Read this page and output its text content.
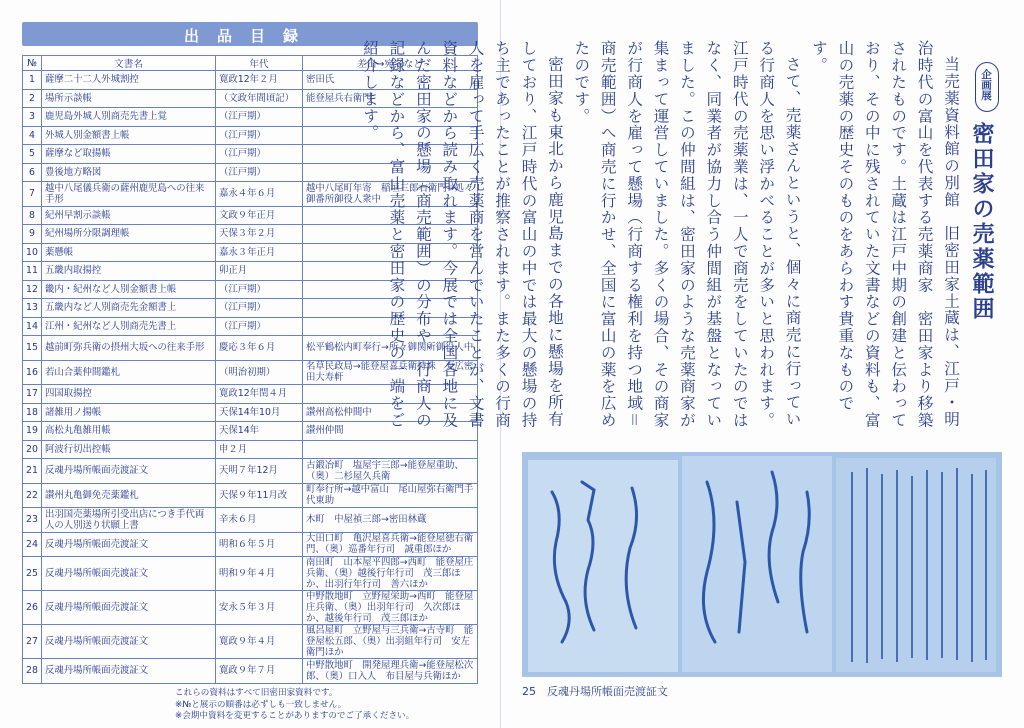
出品目録
№	文書名	年代	差出→宛名など
1	薩摩二十二人外城割控	寛政12年２月	密田氏
2	場所示談帳	（文政年間頃記）	能登屋兵右衛門
3	鹿児島外城人別商売先書上覚	（江戸期）	
4	外城人別金額書上帳	（江戸期）	
5	薩摩など取揚帳	（江戸期）	
6	豊後地方略図	（江戸期）	
7	越中八尾儀兵衛の薩州鹿児島への往来手形	嘉永４年６月	越中八尾町年寄　稲垣三郎右衛門→処々御番所御役人衆中
8	紀州早割示談帳	文政９年正月	
9	紀州場所分限調理帳	天保３年２月	
10	薬懸帳	嘉永３年正月	
11	五畿内取揚控	卯正月	
12	畿内・紀州など人別金額書上帳	（江戸期）	
13	五畿内など人別商売先金額書上	（江戸期）	
14	江州・紀州など人別商売先書上	（江戸期）	
15	越前町弥兵衛の摂州大坂への往来手形	慶応３年６月	松平鶴松内町奉行→所々御関所御役人中
16	若山合薬仲間鑑札	（明治初期）	名草民政局→能登屋喜兵衛持株　売広密田大寿軒
17	四国取揚控	寛政12年閏４月	
18	諸雑用ノ揚帳	天保14年10月	讃州高松仲間中
19	高松丸亀雑用帳	天保14年	讃州仲間
20	阿波行切出控帳	申２月	
21	反魂丹場所帳面売渡証文	天明７年12月	古鍛冶町　塩屋宇三郎→能登屋重助、（奥）二杉屋久兵衛
22	讃州丸亀御免売薬鑑札	天保９年11月改	町奉行所→越中富山　尾山屋弥右衛門手代東助
23	出羽国売薬場所引受出店につき手代両人の人別送り状願上書	辛未６月	木町　中屋禎三郎→密田林蔵
24	反魂丹場所帳面売渡証文	明和６年５月	大田口町　亀沢屋喜兵衛→能登屋徳右衛門、（奥）巡番年行司　誠重郎ほか
25	反魂丹場所帳面売渡証文	明和９年４月	南田町　山本屋平四郎→西町　能登屋庄兵衛、（奥）越後行年行司　茂三郎ほか、出羽行年行司　善六ほか
26	反魂丹場所帳面売渡証文	安永５年３月	中野散地町　立野屋栄助→西町　能登屋庄兵衛、（奥）出羽年行司　久次郎ほか、越後年行司　茂三郎ほか
27	反魂丹場所帳面売渡証文	寛政９年４月	風呂屋町　立野屋与三兵衛→古寺町　能登屋松五郎、（奥）出羽組年行司　安左衛門ほか
28	反魂丹場所帳面売渡証文	寛政９年７月	中野散地町　開発屋理兵衛→能登屋松次郎、（奥）口入人　布目屋与兵衛ほか
これらの資料はすべて旧密田家資料です。
※№と展示の順番は必ずしも一致しません。
※会期中資料を変更することがありますのでご了承ください。
企画展
密田家の売薬範囲

当売薬資料館の別館　旧密田家土蔵は、江戸・明治時代の富山を代表する売薬商家　密田家より移築されたものです。土蔵は江戸中期の創建と伝わっており、その中に残されていた文書などの資料も、富山の売薬の歴史そのものをあらわす貴重なものです。

さて、売薬さんというと、個々に商売に行っている行商人を思い浮かべることが多いと思われます。江戸時代の売薬業は、一人で商売をしていたのではなく、同業者が協力し合う仲間組が基盤となっていました。この仲間組は、密田家のような売薬商家が集まって運営していました。多くの場合、その商家が行商人を雇って懸場（行商する権利を持つ地域＝商売範囲）へ商売に行かせ、全国に富山の薬を広めたのです。

密田家も東北から鹿児島までの各地に懸場を所有しており、江戸時代の富山の中では最大の懸場の持ち主であったことが推察されます。また多くの行商人を雇って手広く売薬商を営んでいたことが、文書資料などから読み取れます。今展では全国各地に及んだ密田家の懸場（商売範囲）の分布や、行商人の記録などから、富山売薬と密田家の歴史の一端をご紹介します。

25　 反魂丹場所帳面売渡証文
